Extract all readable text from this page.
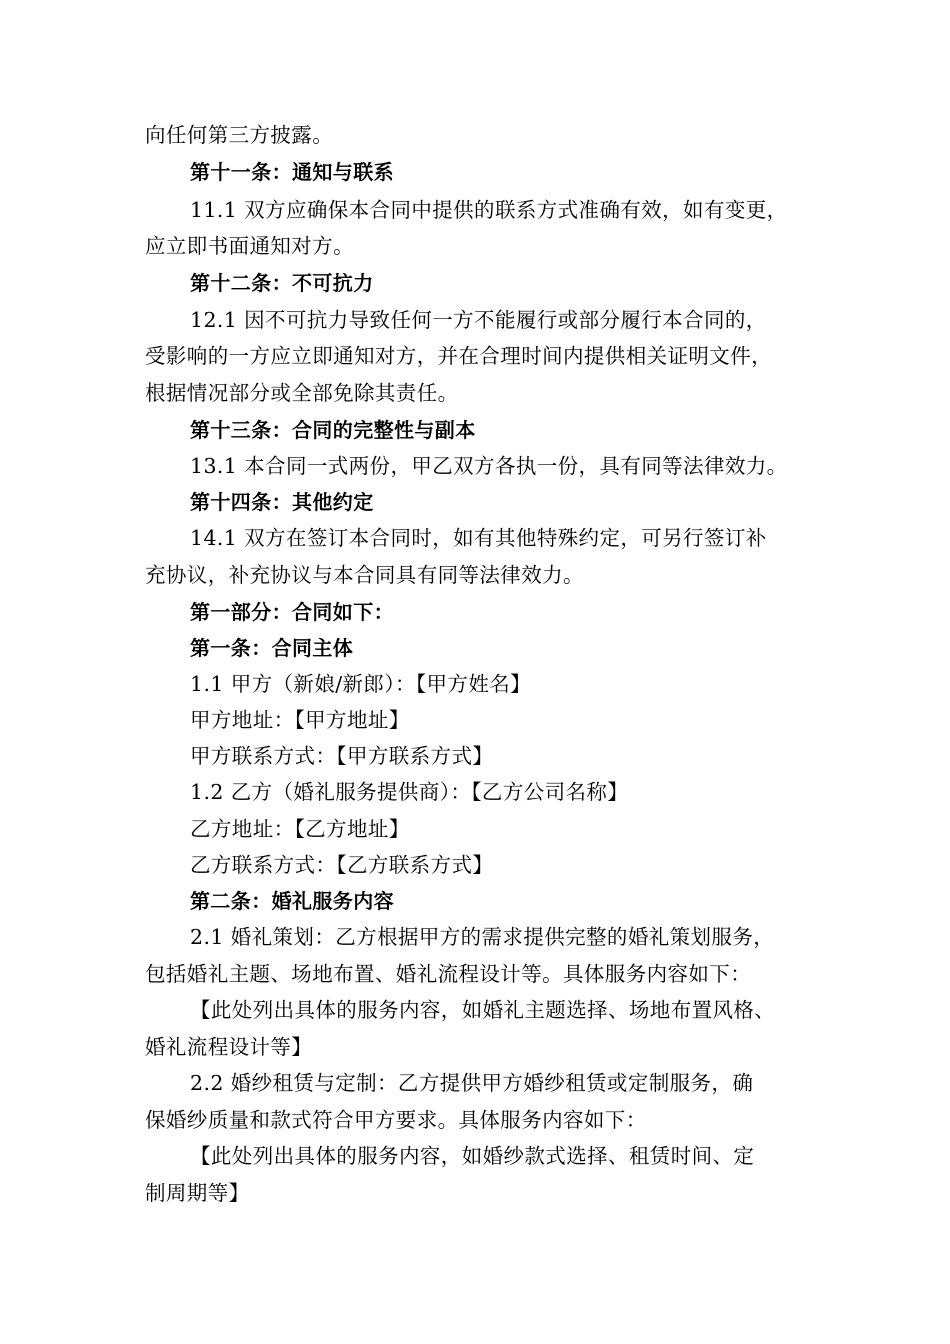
向任何第三方披露。
第十一条：通知与联系
11.1 双方应确保本合同中提供的联系方式准确有效，如有变更，
应立即书面通知对方。
第十二条：不可抗力
12.1 因不可抗力导致任何一方不能履行或部分履行本合同的，
受影响的一方应立即通知对方，并在合理时间内提供相关证明文件，
根据情况部分或全部免除其责任。
第十三条：合同的完整性与副本
13.1 本合同一式两份，甲乙双方各执一份，具有同等法律效力。
第十四条：其他约定
14.1 双方在签订本合同时，如有其他特殊约定，可另行签订补
充协议，补充协议与本合同具有同等法律效力。
第一部分：合同如下：
第一条：合同主体
1.1 甲方（新娘/新郎）：【甲方姓名】
甲方地址：【甲方地址】
甲方联系方式：【甲方联系方式】
1.2 乙方（婚礼服务提供商）：【乙方公司名称】
乙方地址：【乙方地址】
乙方联系方式：【乙方联系方式】
第二条：婚礼服务内容
2.1 婚礼策划：乙方根据甲方的需求提供完整的婚礼策划服务，
包括婚礼主题、场地布置、婚礼流程设计等。具体服务内容如下：
【此处列出具体的服务内容，如婚礼主题选择、场地布置风格、
婚礼流程设计等】
2.2 婚纱租赁与定制：乙方提供甲方婚纱租赁或定制服务，确
保婚纱质量和款式符合甲方要求。具体服务内容如下：
【此处列出具体的服务内容，如婚纱款式选择、租赁时间、定
制周期等】
